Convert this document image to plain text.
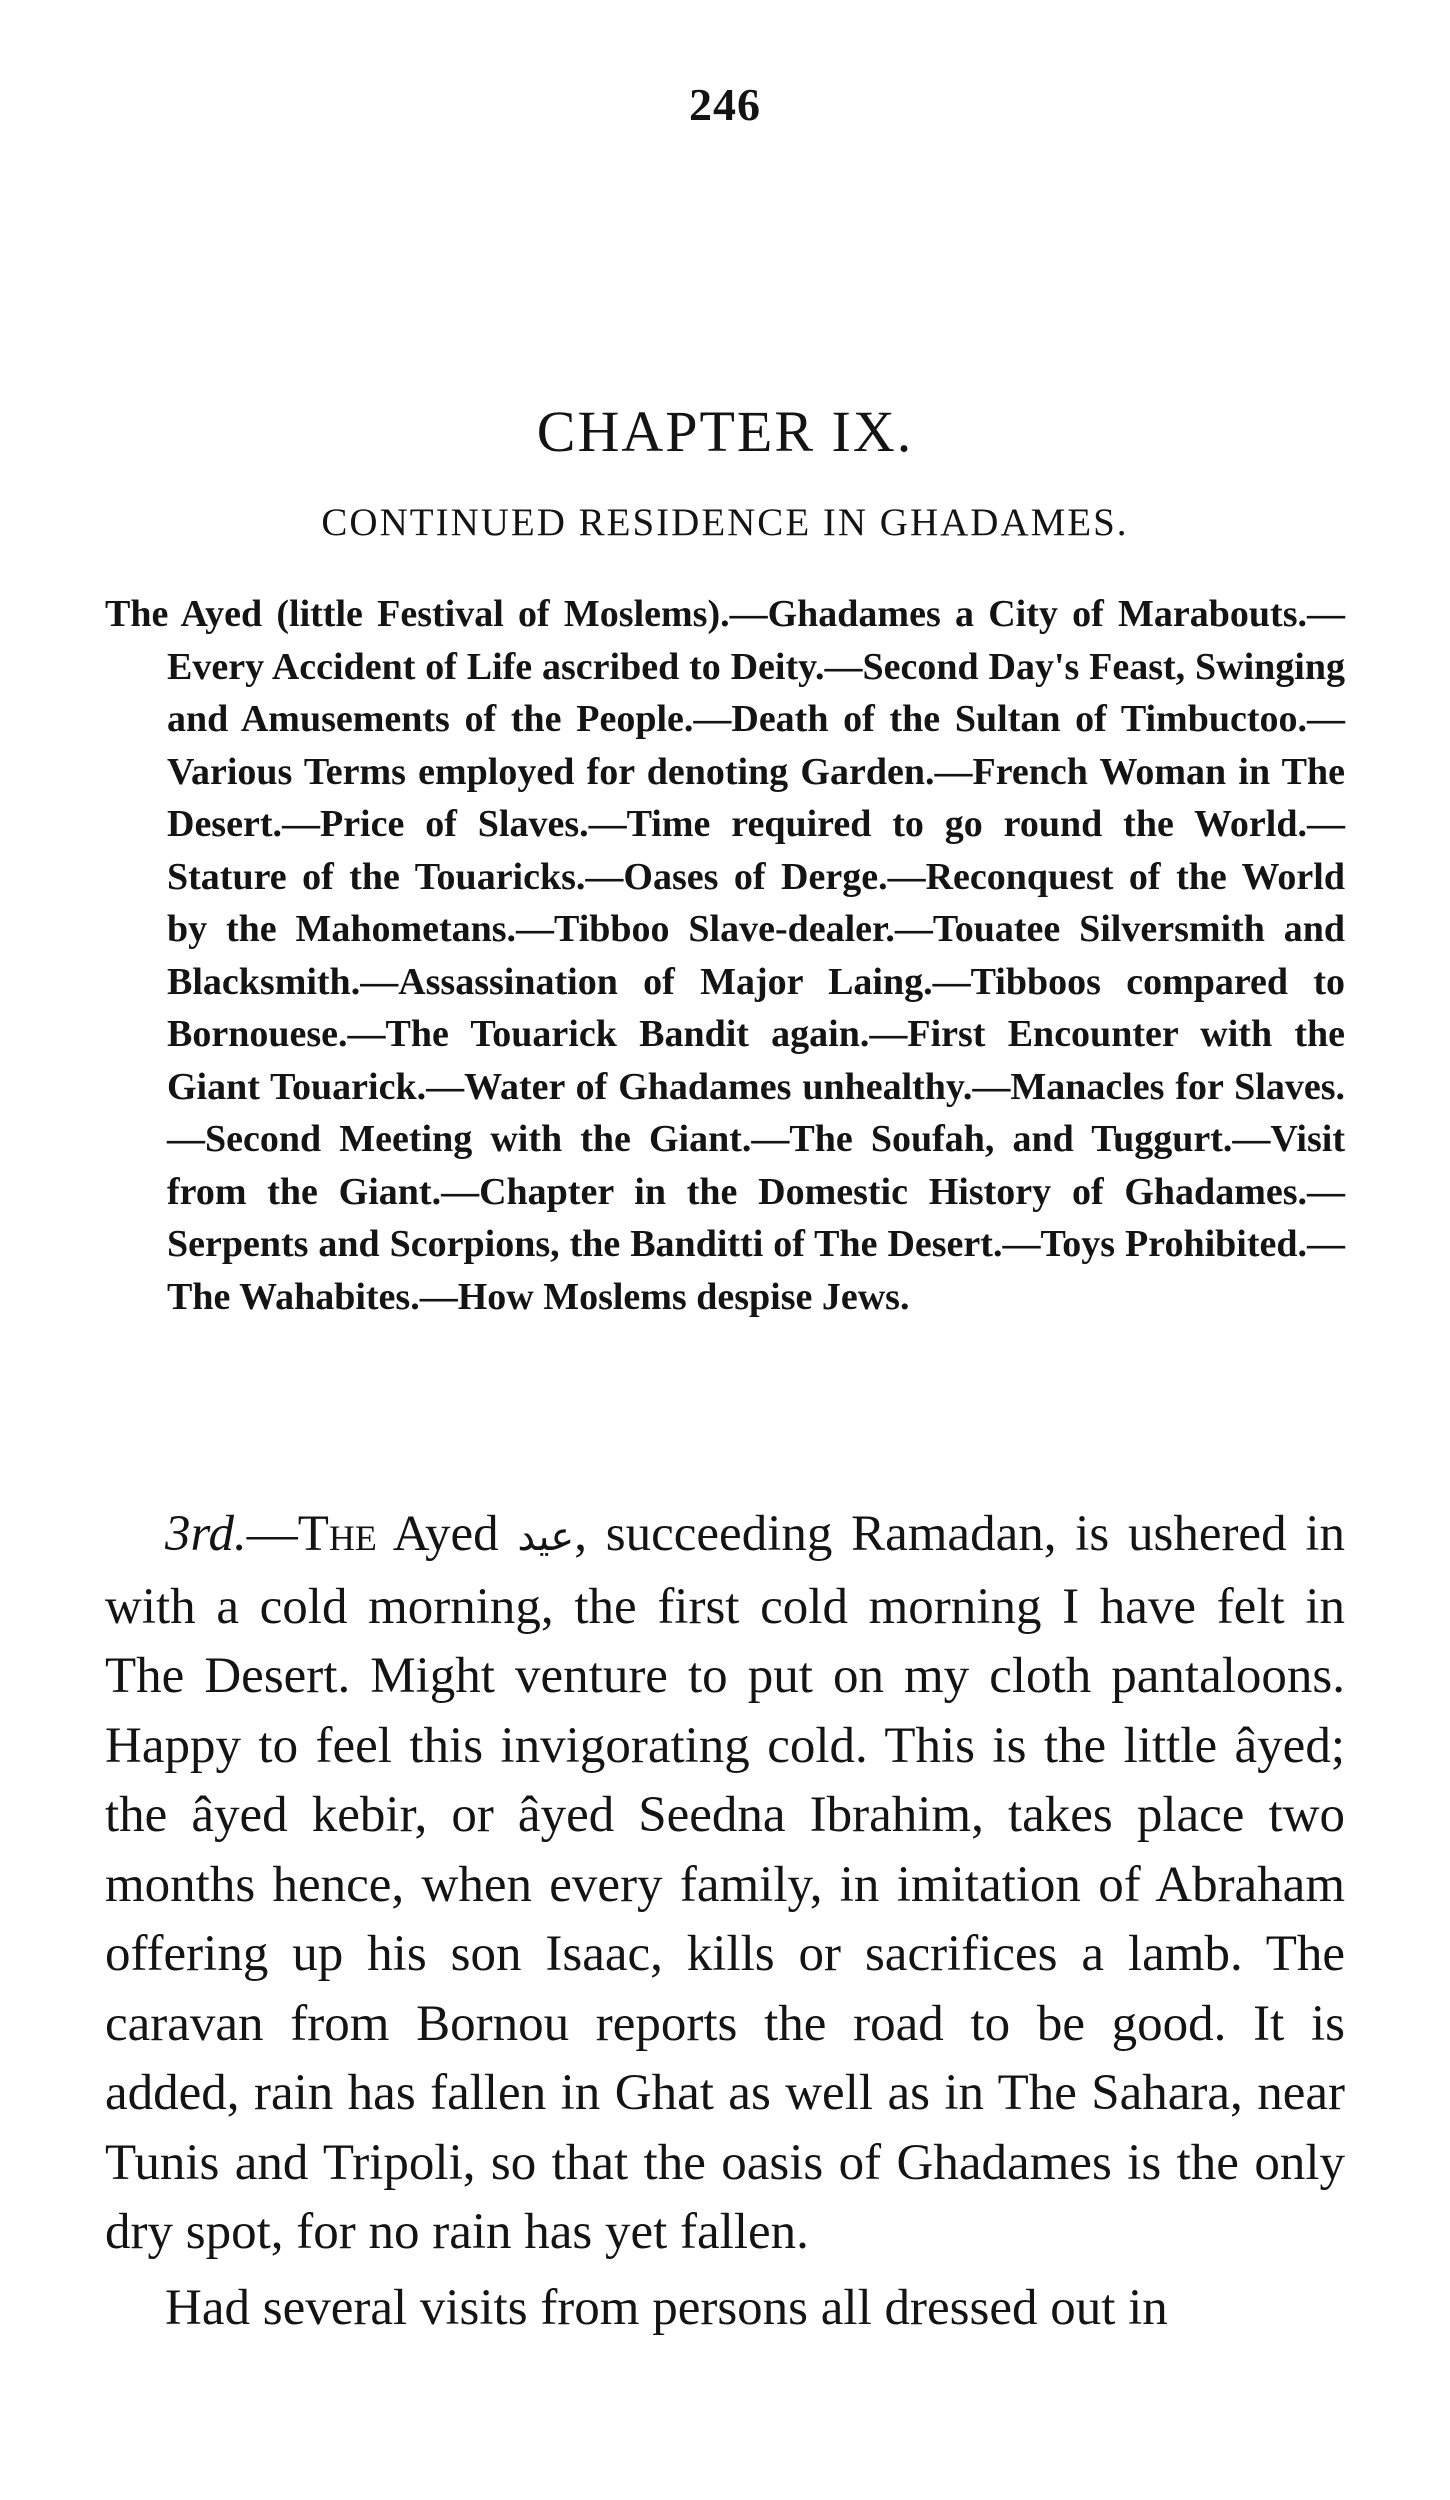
246
CHAPTER IX.
CONTINUED RESIDENCE IN GHADAMES.
The Ayed (little Festival of Moslems).—Ghadames a City of Marabouts.—Every Accident of Life ascribed to Deity.—Second Day's Feast, Swinging and Amusements of the People.—Death of the Sultan of Timbuctoo.—Various Terms employed for denoting Garden.—French Woman in The Desert.—Price of Slaves.—Time required to go round the World.—Stature of the Touaricks.—Oases of Derge.—Reconquest of the World by the Mahometans.—Tibboo Slave-dealer.—Touatee Silversmith and Blacksmith.—Assassination of Major Laing.—Tibboos compared to Bornouese.—The Touarick Bandit again.—First Encounter with the Giant Touarick.—Water of Ghadames unhealthy.—Manacles for Slaves.—Second Meeting with the Giant.—The Soufah, and Tuggurt.—Visit from the Giant.—Chapter in the Domestic History of Ghadames.—Serpents and Scorpions, the Banditti of The Desert.—Toys Prohibited.—The Wahabites.—How Moslems despise Jews.

3rd.—The Ayed عيد, succeeding Ramadan, is ushered in with a cold morning, the first cold morning I have felt in The Desert. Might venture to put on my cloth pantaloons. Happy to feel this invigorating cold. This is the little âyed; the âyed kebir, or âyed Seedna Ibrahim, takes place two months hence, when every family, in imitation of Abraham offering up his son Isaac, kills or sacrifices a lamb. The caravan from Bornou reports the road to be good. It is added, rain has fallen in Ghat as well as in The Sahara, near Tunis and Tripoli, so that the oasis of Ghadames is the only dry spot, for no rain has yet fallen.

Had several visits from persons all dressed out in
